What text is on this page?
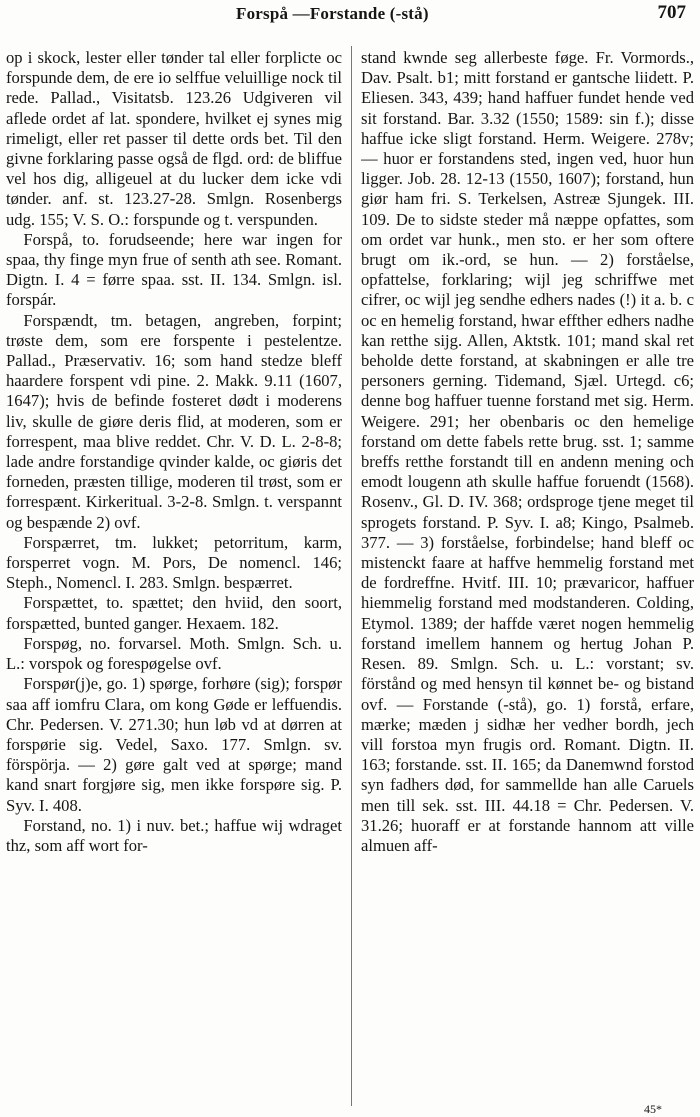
Forspå —Forstande (-stå)	707

op i skock, lester eller tønder tal eller forplicte oc forspunde dem, de ere io selffue veluillige nock til rede. Pallad., Visitatsb. 123.26 Udgiveren vil aflede ordet af lat. spondere, hvilket ej synes mig rimeligt, eller ret passer til dette ords bet. Til den givne forklaring passe også de flgd. ord: de bliffue vel hos dig, alligeuel at du lucker dem icke vdi tønder. anf. st. 123.27-28. Smlgn. Rosenbergs udg. 155; V. S. O.: forspunde og t. verspunden.

Forspå, to. forudseende; here war ingen for spaa, thy finge myn frue of senth ath see. Romant. Digtn. I. 4 = førre spaa. sst. II. 134. Smlgn. isl. forspár.

Forspændt, tm. betagen, angreben, forpint; trøste dem, som ere forspente i pestelentze. Pallad., Præservativ. 16; som hand stedze bleff haardere forspent vdi pine. 2. Makk. 9.11 (1607, 1647); hvis de befinde fosteret dødt i moderens liv, skulle de giøre deris flid, at moderen, som er forrespent, maa blive reddet. Chr. V. D. L. 2-8-8; lade andre forstandige qvinder kalde, oc giøris det forneden, præsten tillige, moderen til trøst, som er forrespænt. Kirkeritual. 3-2-8. Smlgn. t. verspannt og bespænde 2) ovf.

Forspærret, tm. lukket; petorritum, karm, forsperret vogn. M. Pors, De nomencl. 146; Steph., Nomencl. I. 283. Smlgn. bespærret.

Forspættet, to. spættet; den hviid, den soort, forspætted, bunted ganger. Hexaem. 182.

Forspøg, no. forvarsel. Moth. Smlgn. Sch. u. L.: vorspok og forespøgelse ovf.

Forspør(j)e, go. 1) spørge, forhøre (sig); forspør saa aff iomfru Clara, om kong Gøde er leffuendis. Chr. Pedersen. V. 271.30; hun løb vd at dørren at forspørie sig. Vedel, Saxo. 177. Smlgn. sv. förspörja. — 2) gøre galt ved at spørge; mand kand snart forgjøre sig, men ikke forspøre sig. P. Syv. I. 408.

Forstand, no. 1) i nuv. bet.; haffue wij wdraget thz, som aff wort for-

stand kwnde seg allerbeste føge. Fr. Vormords., Dav. Psalt. b1; mitt forstand er gantsche liidett. P. Eliesen. 343, 439; hand haffuer fundet hende ved sit forstand. Bar. 3.32 (1550; 1589: sin f.); disse haffue icke sligt forstand. Herm. Weigere. 278v; — huor er forstandens sted, ingen ved, huor hun ligger. Job. 28. 12-13 (1550, 1607); forstand, hun giør ham fri. S. Terkelsen, Astreæ Sjungek. III. 109. De to sidste steder må næppe opfattes, som om ordet var hunk., men sto. er her som oftere brugt om ik.-ord, se hun. — 2) forståelse, opfattelse, forklaring; wijl jeg schriffwe met cifrer, oc wijl jeg sendhe edhers nades (!) it a. b. c oc en hemelig forstand, hwar effther edhers nadhe kan retthe sijg. Allen, Aktstk. 101; mand skal ret beholde dette forstand, at skabningen er alle tre personers gerning. Tidemand, Sjæl. Urtegd. c6; denne bog haffuer tuenne forstand met sig. Herm. Weigere. 291; her obenbaris oc den hemelige forstand om dette fabels rette brug. sst. 1; samme breffs retthe forstandt till en andenn mening och emodt lougenn ath skulle haffue foruendt (1568). Rosenv., Gl. D. IV. 368; ordsproge tjene meget til sprogets forstand. P. Syv. I. a8; Kingo, Psalmeb. 377. — 3) forståelse, forbindelse; hand bleff oc mistenckt faare at haffve hemmelig forstand met de fordreffne. Hvitf. III. 10; prævaricor, haffuer hiemmelig forstand med modstanderen. Colding, Etymol. 1389; der haffde været nogen hemmelig forstand imellem hannem og hertug Johan P. Resen. 89. Smlgn. Sch. u. L.: vorstant; sv. förstånd og med hensyn til kønnet be- og bistand ovf. — Forstande (-stå), go. 1) forstå, erfare, mærke; mæden j sidhæ her vedher bordh, jech vill forstoa myn frugis ord. Romant. Digtn. II. 163; forstande. sst. II. 165; da Danemwnd forstod syn fadhers død, for sammellde han alle Caruels men till sek. sst. III. 44.18 = Chr. Pedersen. V. 31.26; huoraff er at forstande hannom att ville almuen aff-

45*
